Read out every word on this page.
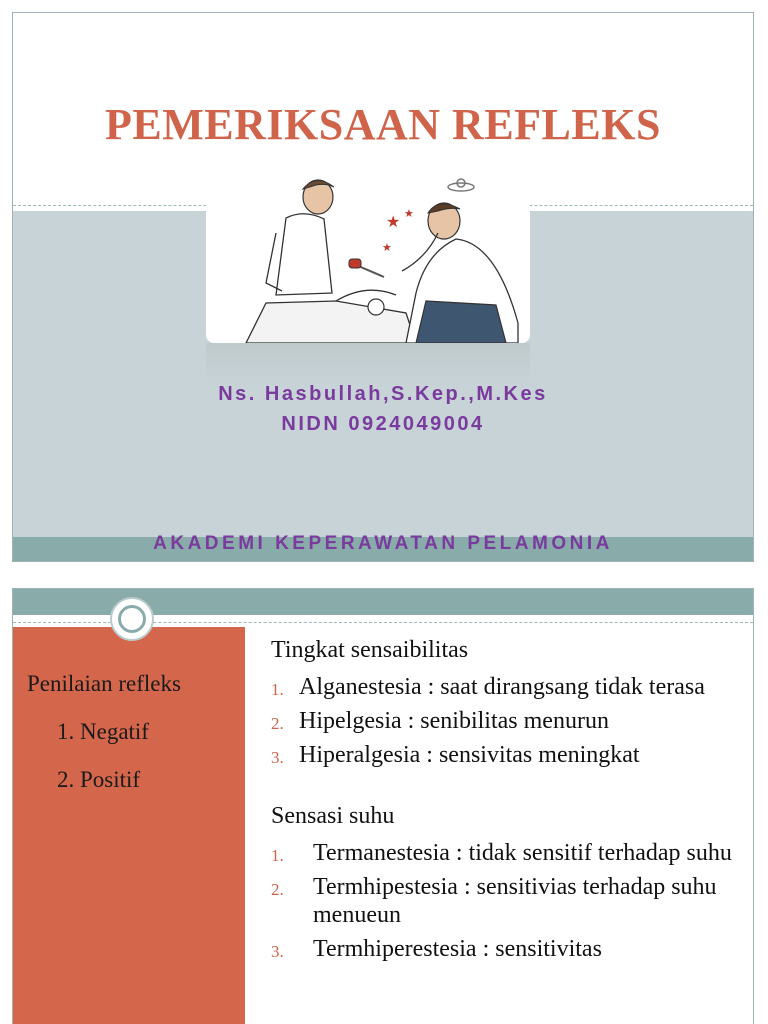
PEMERIKSAAN REFLEKS
★ ★
★
Ns. Hasbullah,S.Kep.,M.Kes
NIDN 0924049004
AKADEMI KEPERAWATAN PELAMONIA
Penilaian refleks
1. Negatif
2. Positif
Tingkat sensaibilitas
1. Alganestesia : saat dirangsang tidak terasa
2. Hipelgesia : senibilitas menurun
3. Hiperalgesia : sensivitas meningkat
Sensasi suhu
1. Termanestesia : tidak sensitif terhadap suhu
2. Termhipestesia : sensitivias terhadap suhu menueun
3. Termhiperestesia : sensitivitas
